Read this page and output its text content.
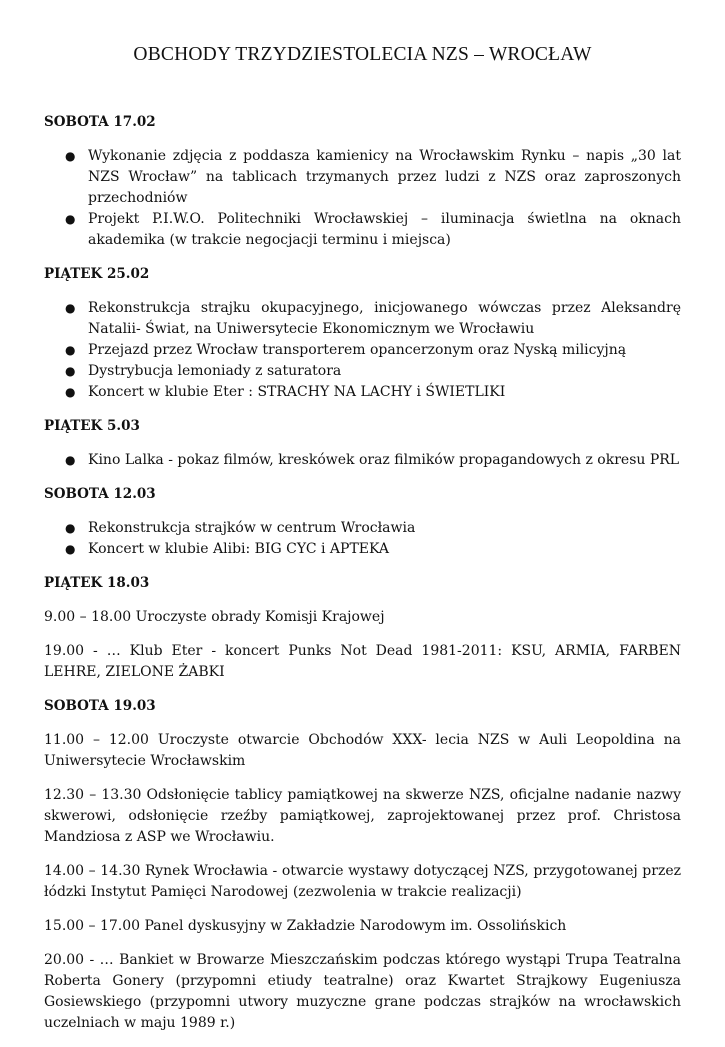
OBCHODY TRZYDZIESTOLECIA NZS – WROCŁAW
SOBOTA 17.02
● Wykonanie zdjęcia z poddasza kamienicy na Wrocławskim Rynku – napis „30 lat NZS Wrocław” na tablicach trzymanych przez ludzi z NZS oraz zaproszonych przechodniów
● Projekt P.I.W.O. Politechniki Wrocławskiej – iluminacja świetlna na oknach akademika (w trakcie negocjacji terminu i miejsca)
PIĄTEK 25.02
● Rekonstrukcja strajku okupacyjnego, inicjowanego wówczas przez Aleksandrę Natalii- Świat, na Uniwersytecie Ekonomicznym we Wrocławiu
● Przejazd przez Wrocław transporterem opancerzonym oraz Nyską milicyjną
● Dystrybucja lemoniady z saturatora
● Koncert w klubie Eter : STRACHY NA LACHY i ŚWIETLIKI
PIĄTEK 5.03
● Kino Lalka - pokaz filmów, kreskówek oraz filmików propagandowych z okresu PRL
SOBOTA 12.03
● Rekonstrukcja strajków w centrum Wrocławia
● Koncert w klubie Alibi: BIG CYC i APTEKA
PIĄTEK 18.03

9.00 – 18.00 Uroczyste obrady Komisji Krajowej

19.00 - … Klub Eter - koncert Punks Not Dead 1981-2011: KSU, ARMIA, FARBEN LEHRE, ZIELONE ŻABKI

SOBOTA 19.03

11.00 – 12.00 Uroczyste otwarcie Obchodów XXX- lecia NZS w Auli Leopoldina na Uniwersytecie Wrocławskim

12.30 – 13.30 Odsłonięcie tablicy pamiątkowej na skwerze NZS, oficjalne nadanie nazwy skwerowi, odsłonięcie rzeźby pamiątkowej, zaprojektowanej przez prof. Christosa Mandziosa z ASP we Wrocławiu.

14.00 – 14.30 Rynek Wrocławia - otwarcie wystawy dotyczącej NZS, przygotowanej przez łódzki Instytut Pamięci Narodowej (zezwolenia w trakcie realizacji)

15.00 – 17.00 Panel dyskusyjny w Zakładzie Narodowym im. Ossolińskich

20.00 - … Bankiet w Browarze Mieszczańskim podczas którego wystąpi Trupa Teatralna Roberta Gonery (przypomni etiudy teatralne) oraz Kwartet Strajkowy Eugeniusza Gosiewskiego (przypomni utwory muzyczne grane podczas strajków na wrocławskich uczelniach w maju 1989 r.)
